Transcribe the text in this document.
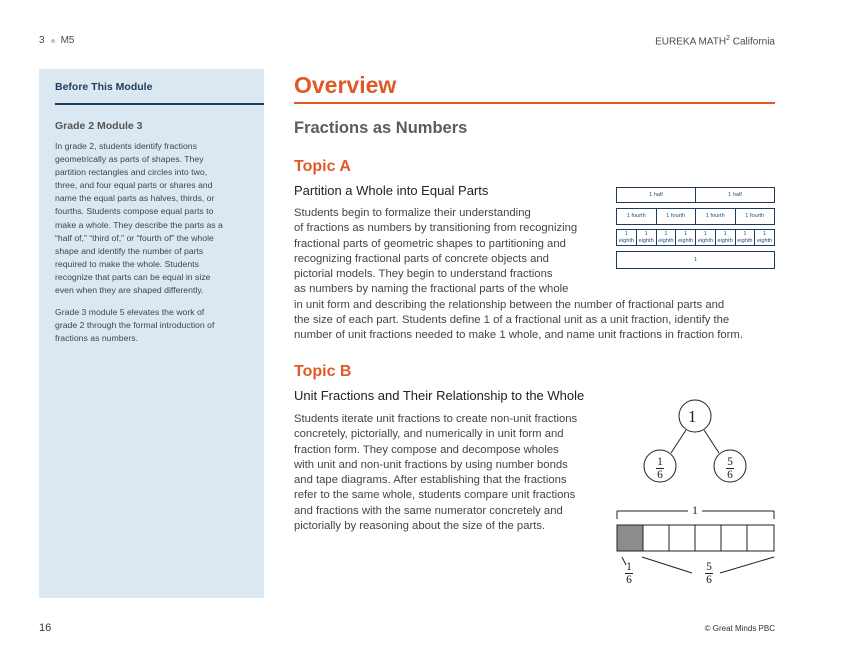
3 M5	EUREKA MATH$^2$ California
Before This Module
Grade 2 Module 3
In grade 2, students identify fractions
geometrically as parts of shapes. They
partition rectangles and circles into two,
three, and four equal parts or shares and
name the equal parts as halves, thirds, or
fourths. Students compose equal parts to
make a whole. They describe the parts as a
“half of,” “third of,” or “fourth of” the whole
shape and identify the number of parts
required to make the whole. Students
recognize that parts can be equal in size
even when they are shaped differently.
Grade 3 module 5 elevates the work of
grade 2 through the formal introduction of
fractions as numbers.
Overview
Fractions as Numbers
Topic A
Partition a Whole into Equal Parts
Students begin to formalize their understanding
of fractions as numbers by transitioning from recognizing
fractional parts of geometric shapes to partitioning and
recognizing fractional parts of concrete objects and
pictorial models. They begin to understand fractions
as numbers by naming the fractional parts of the whole
in unit form and describing the relationship between the number of fractional parts and
the size of each part. Students define 1 of a fractional unit as a unit fraction, identify the
number of unit fractions needed to make 1 whole, and name unit fractions in fraction form.
1 half	1 half
1 fourth	1 fourth	1 fourth	1 fourth
1 eighth
1 eighth
1 eighth
1 eighth
1 eighth
1 eighth
1 eighth
1 eighth
1
Topic B
Unit Fractions and Their Relationship to the Whole
Students iterate unit fractions to create non-unit fractions
concretely, pictorially, and numerically in unit form and
fraction form. They compose and decompose wholes
with unit and non-unit fractions by using number bonds
and tape diagrams. After establishing that the fractions
refer to the same whole, students compare unit fractions
and fractions with the same numerator concretely and
pictorially by reasoning about the size of the parts.
1
1
6
5
6
1
1
6
5
6
16	© Great Minds PBC
